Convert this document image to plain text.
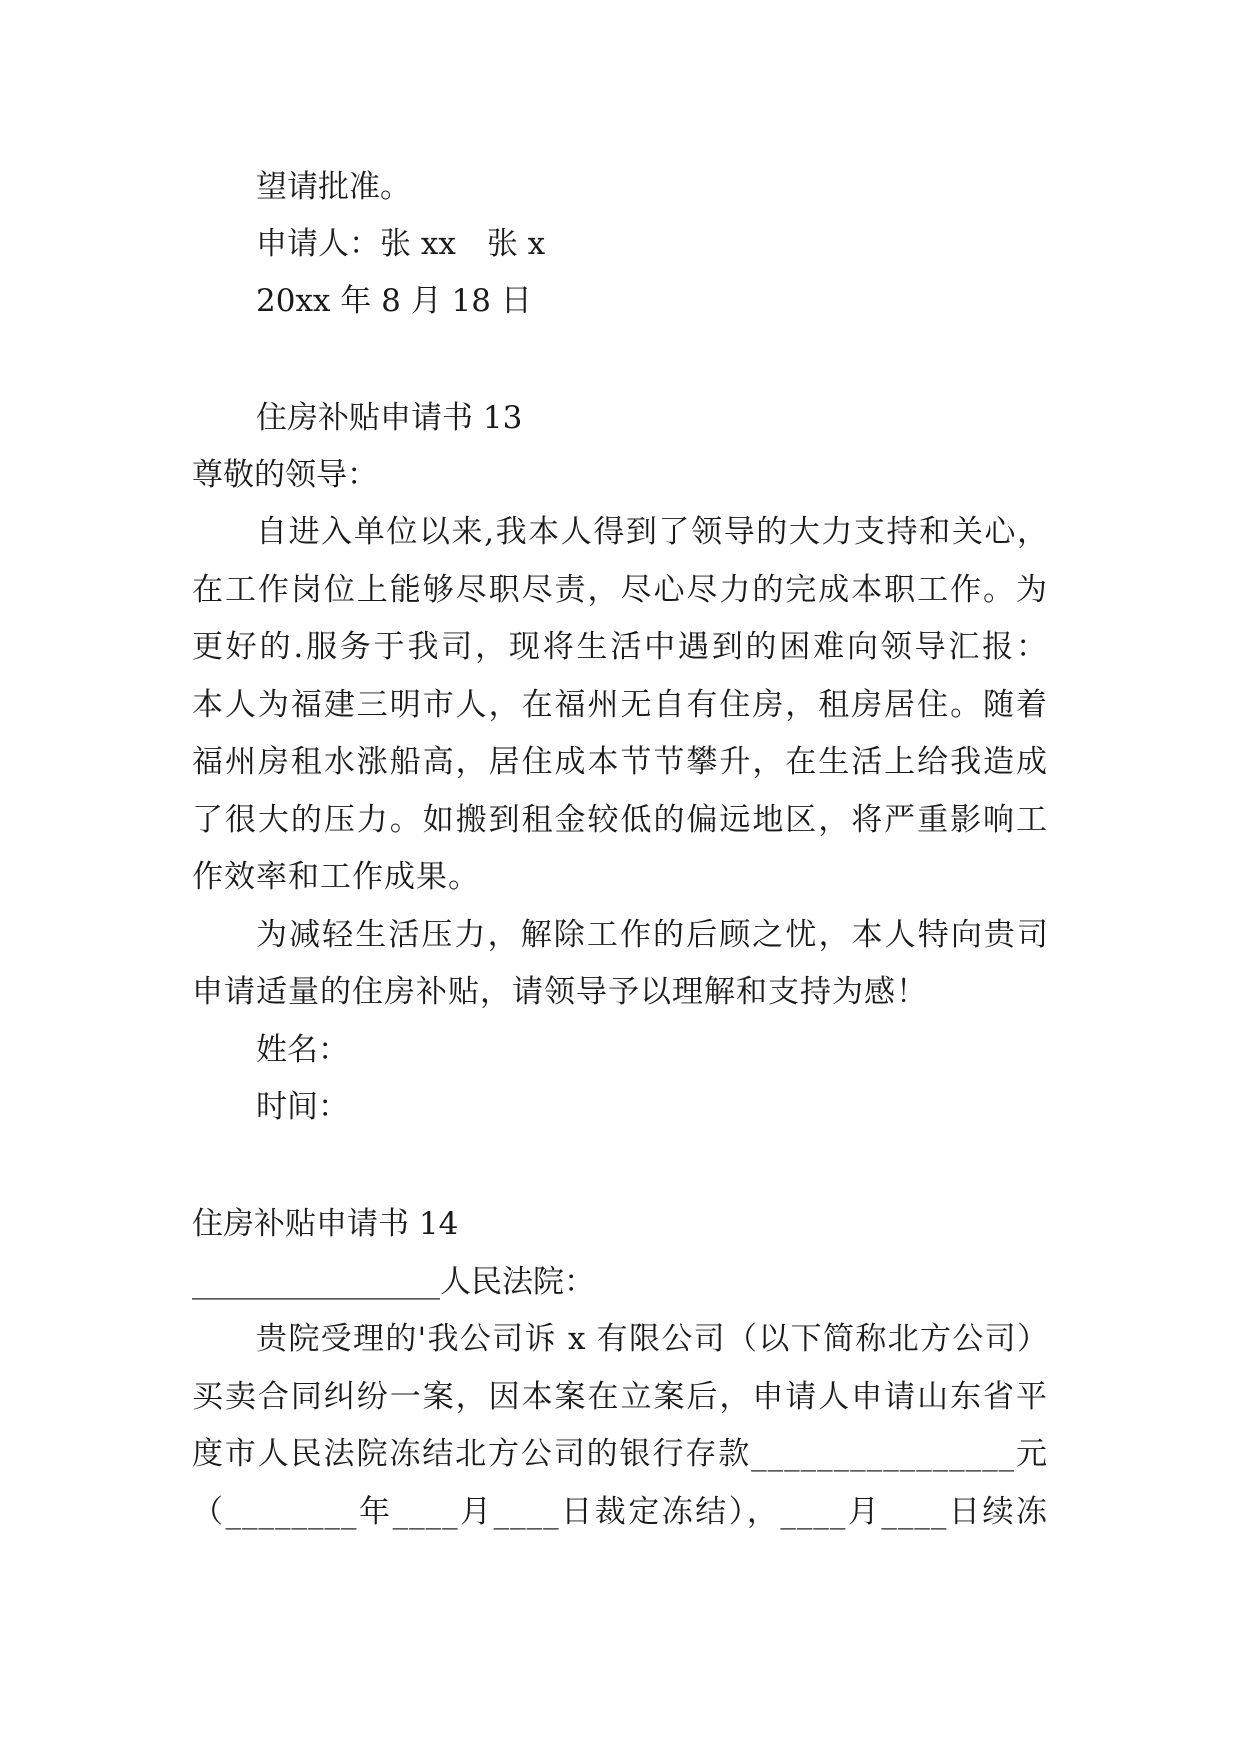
望请批准。

申请人：张 xx　张 x

20xx 年 8 月 18 日

住房补贴申请书 13

尊敬的领导：

自进入单位以来,我本人得到了领导的大力支持和关心，

在工作岗位上能够尽职尽责，尽心尽力的完成本职工作。为

更好的.服务于我司，现将生活中遇到的困难向领导汇报：

本人为福建三明市人，在福州无自有住房，租房居住。随着

福州房租水涨船高，居住成本节节攀升，在生活上给我造成

了很大的压力。如搬到租金较低的偏远地区，将严重影响工

作效率和工作成果。

为减轻生活压力，解除工作的后顾之忧，本人特向贵司

申请适量的住房补贴，请领导予以理解和支持为感！

姓名：

时间：

住房补贴申请书 14

________________人民法院：

贵院受理的'我公司诉 x 有限公司（以下简称北方公司）

买卖合同纠纷一案，因本案在立案后，申请人申请山东省平

度市人民法院冻结北方公司的银行存款________________元

（________年____月____日裁定冻结），____月____日续冻
